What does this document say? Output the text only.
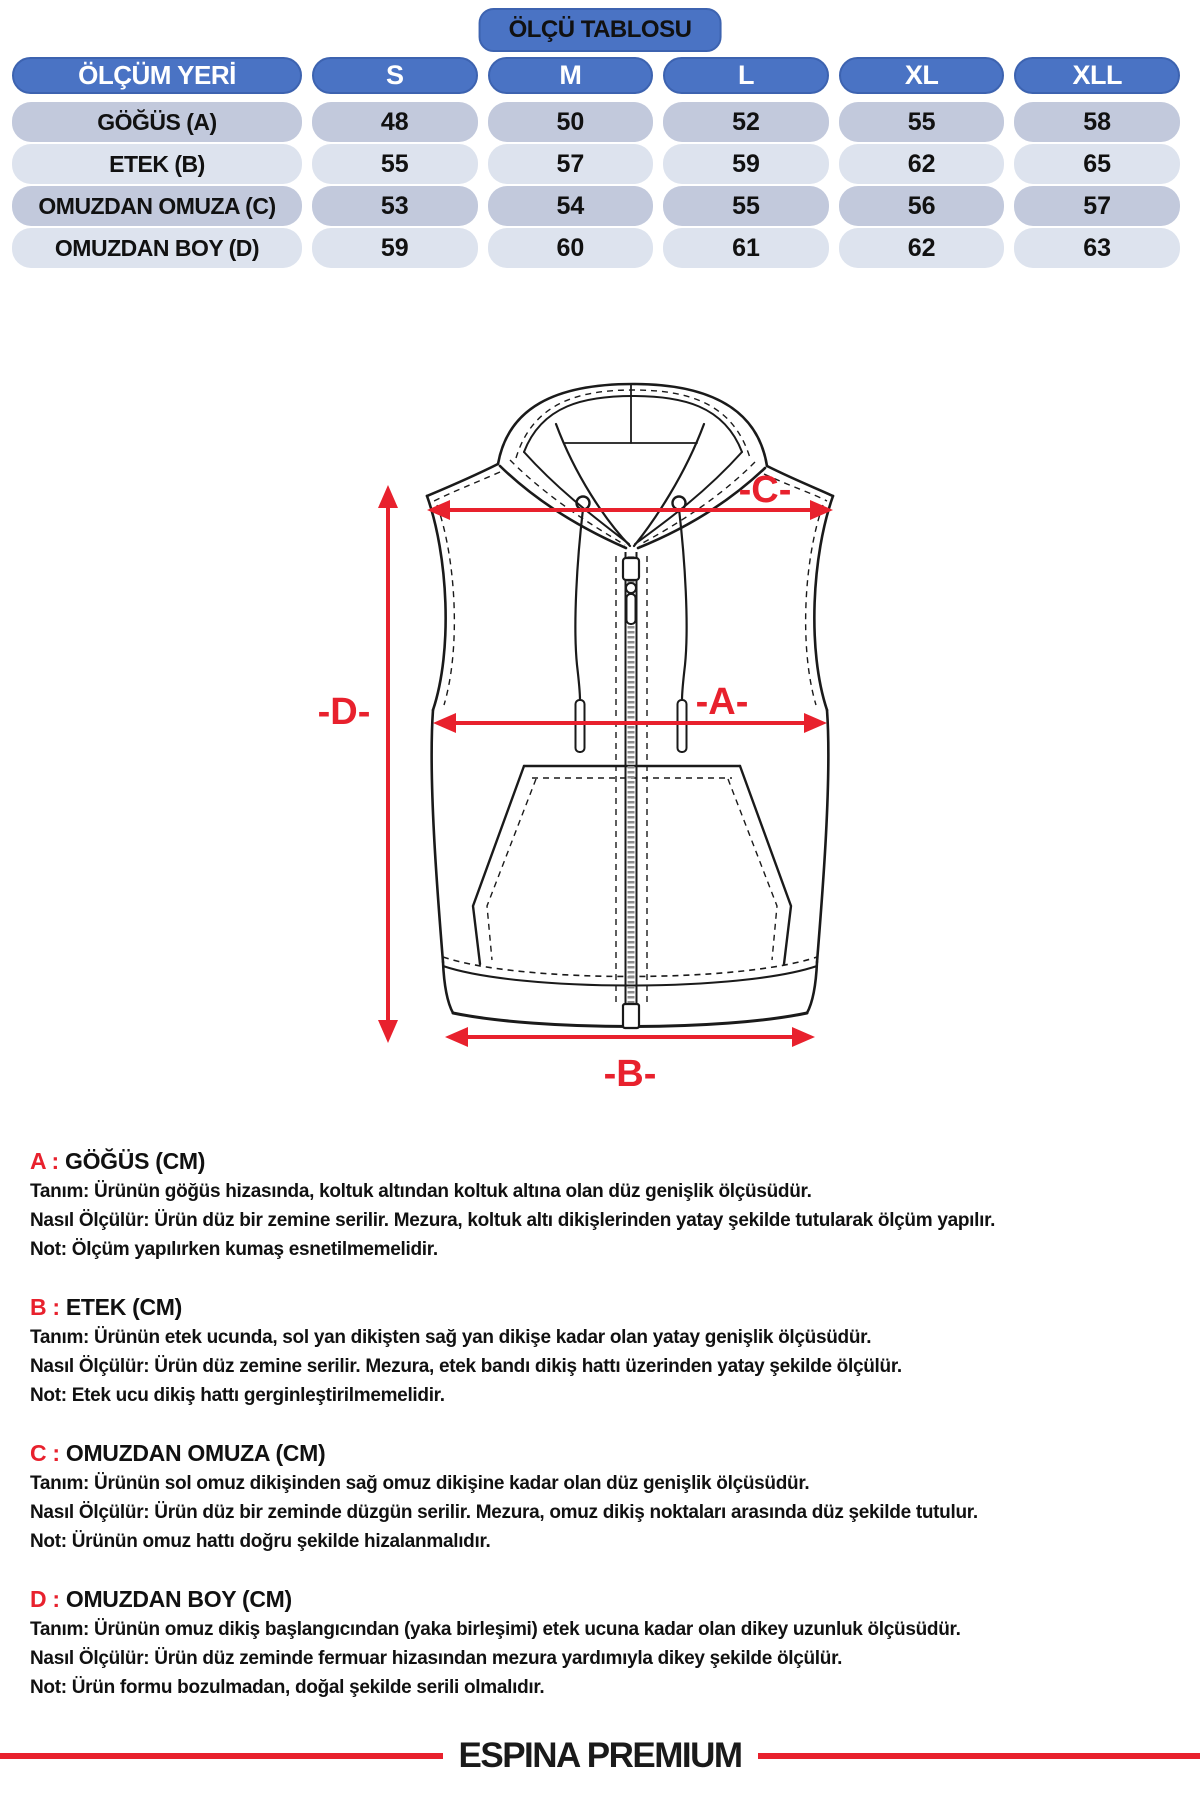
ÖLÇÜ TABLOSU
ÖLÇÜM YERİ	S	M	L	XL	XLL
GÖĞÜS (A)	48	50	52	55	58
ETEK (B)	55	57	59	62	65
OMUZDAN OMUZA (C)	53	54	55	56	57
OMUZDAN BOY (D)	59	60	61	62	63
-C-
-A-
-D-
-B-
A : GÖĞÜS (CM)
Tanım: Ürünün göğüs hizasında, koltuk altından koltuk altına olan düz genişlik ölçüsüdür.
Nasıl Ölçülür: Ürün düz bir zemine serilir. Mezura, koltuk altı dikişlerinden yatay şekilde tutularak ölçüm yapılır.
Not: Ölçüm yapılırken kumaş esnetilmemelidir.
B : ETEK (CM)
Tanım: Ürünün etek ucunda, sol yan dikişten sağ yan dikişe kadar olan yatay genişlik ölçüsüdür.
Nasıl Ölçülür: Ürün düz zemine serilir. Mezura, etek bandı dikiş hattı üzerinden yatay şekilde ölçülür.
Not: Etek ucu dikiş hattı gerginleştirilmemelidir.
C : OMUZDAN OMUZA (CM)
Tanım: Ürünün sol omuz dikişinden sağ omuz dikişine kadar olan düz genişlik ölçüsüdür.
Nasıl Ölçülür: Ürün düz bir zeminde düzgün serilir. Mezura, omuz dikiş noktaları arasında düz şekilde tutulur.
Not: Ürünün omuz hattı doğru şekilde hizalanmalıdır.
D : OMUZDAN BOY (CM)
Tanım: Ürünün omuz dikiş başlangıcından (yaka birleşimi) etek ucuna kadar olan dikey uzunluk ölçüsüdür.
Nasıl Ölçülür: Ürün düz zeminde fermuar hizasından mezura yardımıyla dikey şekilde ölçülür.
Not: Ürün formu bozulmadan, doğal şekilde serili olmalıdır.
ESPINA PREMIUM
